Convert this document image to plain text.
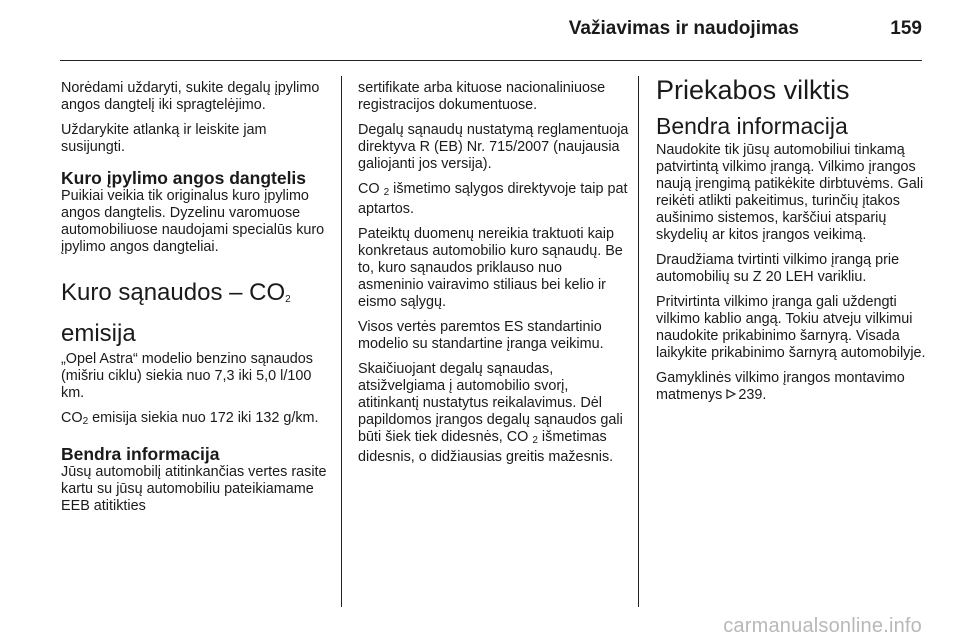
Važiavimas ir naudojimas	159

Norėdami uždaryti, sukite degalų įpylimo angos dangtelį iki spragtelėjimo.

Uždarykite atlanką ir leiskite jam susijungti.

Kuro įpylimo angos dangtelis

Puikiai veikia tik originalus kuro įpylimo angos dangtelis. Dyzelinu varomuose automobiliuose naudojami specialūs kuro įpylimo angos dangteliai.

Kuro sąnaudos – $CO_2$
emisija

„Opel Astra“ modelio benzino sąnaudos (mišriu ciklu) siekia nuo 7,3 iki 5,0 l/100 km.

$CO_2$ emisija siekia nuo 172 iki 132 g/km.

Bendra informacija

Jūsų automobilį atitinkančias vertes rasite kartu su jūsų automobiliu pateikiamame EEB atitikties

sertifikate arba kituose nacionaliniuose registracijos dokumentuose.

Degalų sąnaudų nustatymą reglamentuoja direktyva R (EB) Nr. 715/2007 (naujausia galiojanti jos versija).

CO $_2$ išmetimo sąlygos direktyvoje taip pat aptartos.

Pateiktų duomenų nereikia traktuoti kaip konkretaus automobilio kuro sąnaudų. Be to, kuro sąnaudos priklauso nuo asmeninio vairavimo stiliaus bei kelio ir eismo sąlygų.

Visos vertės paremtos ES standartinio modelio su standartine įranga veikimu.

Skaičiuojant degalų sąnaudas, atsižvelgiama į automobilio svorį, atitinkantį nustatytus reikalavimus. Dėl papildomos įrangos degalų sąnaudos gali būti šiek tiek didesnės, CO $_2$ išmetimas didesnis, o didžiausias greitis mažesnis.

Priekabos vilktis
Bendra informacija

Naudokite tik jūsų automobiliui tinkamą patvirtintą vilkimo įrangą. Vilkimo įrangos naują įrengimą patikėkite dirbtuvėms. Gali reikėti atlikti pakeitimus, turinčių įtakos aušinimo sistemos, karščiui atsparių skydelių ar kitos įrangos veikimą.

Draudžiama tvirtinti vilkimo įrangą prie automobilių su Z 20 LEH varikliu.

Pritvirtinta vilkimo įranga gali uždengti vilkimo kablio angą. Tokiu atveju vilkimui naudokite prikabinimo šarnyrą. Visada laikykite prikabinimo šarnyrą automobilyje.

Gamyklinės vilkimo įrangos montavimo matmenys 239.

carmanualsonline.info
